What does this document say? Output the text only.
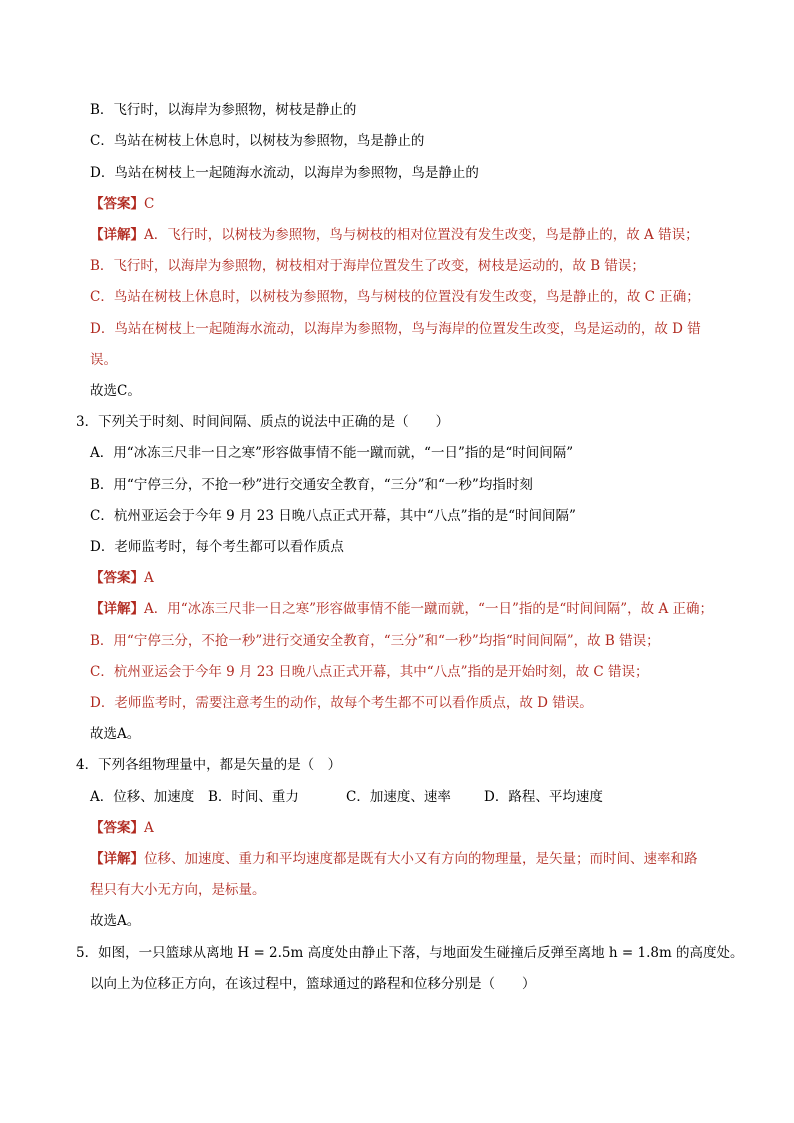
B．飞行时，以海岸为参照物，树枝是静止的
C．鸟站在树枝上休息时，以树枝为参照物，鸟是静止的
D．鸟站在树枝上一起随海水流动，以海岸为参照物，鸟是静止的
【答案】C
【详解】A．飞行时，以树枝为参照物，鸟与树枝的相对位置没有发生改变，鸟是静止的，故 A 错误；
B．飞行时，以海岸为参照物，树枝相对于海岸位置发生了改变，树枝是运动的，故 B 错误；
C．鸟站在树枝上休息时，以树枝为参照物，鸟与树枝的位置没有发生改变，鸟是静止的，故 C 正确；
D．鸟站在树枝上一起随海水流动，以海岸为参照物，鸟与海岸的位置发生改变，鸟是运动的，故 D 错
误。
故选C。
3．下列关于时刻、时间间隔、质点的说法中正确的是（　　）
A．用“冰冻三尺非一日之寒”形容做事情不能一蹴而就，“一日”指的是“时间间隔”
B．用“宁停三分，不抢一秒”进行交通安全教育，“三分”和“一秒”均指时刻
C．杭州亚运会于今年 9 月 23 日晚八点正式开幕，其中“八点”指的是“时间间隔”
D．老师监考时，每个考生都可以看作质点
【答案】A
【详解】A．用“冰冻三尺非一日之寒”形容做事情不能一蹴而就，“一日”指的是“时间间隔”，故 A 正确；
B．用“宁停三分，不抢一秒”进行交通安全教育，“三分”和“一秒”均指“时间间隔”，故 B 错误；
C．杭州亚运会于今年 9 月 23 日晚八点正式开幕，其中“八点”指的是开始时刻，故 C 错误；
D．老师监考时，需要注意考生的动作，故每个考生都不可以看作质点，故 D 错误。
故选A。
4．下列各组物理量中，都是矢量的是（　）
A．位移、加速度 B．时间、重力	C．加速度、速率 D．路程、平均速度
【答案】A
【详解】位移、加速度、重力和平均速度都是既有大小又有方向的物理量，是矢量；而时间、速率和路
程只有大小无方向，是标量。
故选A。
5．如图，一只篮球从离地 H = 2.5m 高度处由静止下落，与地面发生碰撞后反弹至离地 h = 1.8m 的高度处。
以向上为位移正方向，在该过程中，篮球通过的路程和位移分别是（　　）
